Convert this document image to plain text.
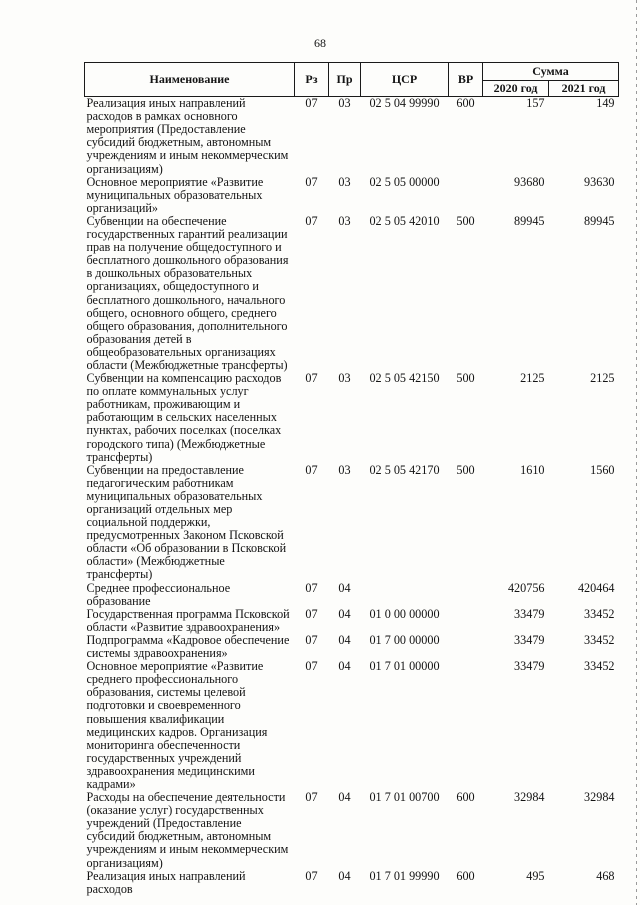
68
Наименование	Рз	Пр	ЦСР	ВР	Сумма	
					2020 год	2021 год
Реализация иных направлений расходов в рамках основного мероприятия (Предоставление субсидий бюджетным, автономным учреждениям и иным некоммерческим организациям)	07	03	02 5 04 99990	600	157	149
Основное мероприятие «Развитие муниципальных образовательных организаций»	07	03	02 5 05 00000		93680	93630
Субвенции на обеспечение государственных гарантий реализации прав на получение общедоступного и бесплатного дошкольного образования в дошкольных образовательных организациях, общедоступного и бесплатного дошкольного, начального общего, основного общего, среднего общего образования, дополнительного образования детей в общеобразовательных организациях области (Межбюджетные трансферты)	07	03	02 5 05 42010	500	89945	89945
Субвенции на компенсацию расходов по оплате коммунальных услуг работникам, проживающим и работающим в сельских населенных пунктах, рабочих поселках (поселках городского типа) (Межбюджетные трансферты)	07	03	02 5 05 42150	500	2125	2125
Субвенции на предоставление педагогическим работникам муниципальных образовательных организаций отдельных мер социальной поддержки, предусмотренных Законом Псковской области «Об образовании в Псковской области» (Межбюджетные трансферты)	07	03	02 5 05 42170	500	1610	1560
Среднее профессиональное образование	07	04			420756	420464
Государственная программа Псковской области «Развитие здравоохранения»	07	04	01 0 00 00000		33479	33452
Подпрограмма «Кадровое обеспечение системы здравоохранения»	07	04	01 7 00 00000		33479	33452
Основное мероприятие «Развитие среднего профессионального образования, системы целевой подготовки и своевременного повышения квалификации медицинских кадров. Организация мониторинга обеспеченности государственных учреждений здравоохранения медицинскими кадрами»	07	04	01 7 01 00000		33479	33452
Расходы на обеспечение деятельности (оказание услуг) государственных учреждений (Предоставление субсидий бюджетным, автономным учреждениям и иным некоммерческим организациям)	07	04	01 7 01 00700	600	32984	32984
Реализация иных направлений расходов	07	04	01 7 01 99990	600	495	468
